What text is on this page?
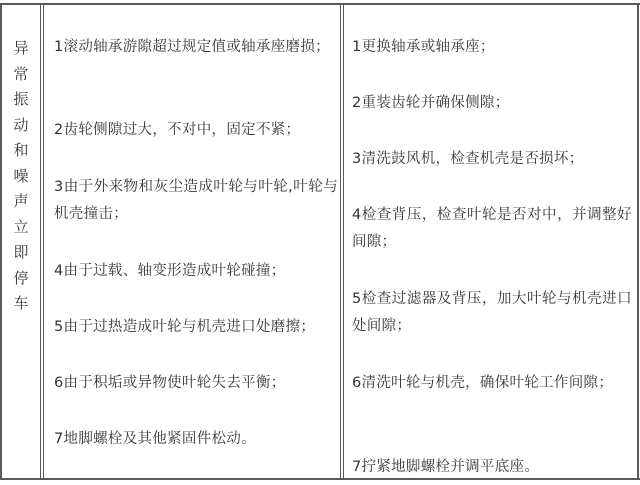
异
常
振
动
和
噪
声
立
即
停
车
1滚动轴承游隙超过规定值或轴承座磨损；
2齿轮侧隙过大，不对中，固定不紧；
3由于外来物和灰尘造成叶轮与叶轮,叶轮与机壳撞击；
4由于过载、轴变形造成叶轮碰撞；
5由于过热造成叶轮与机壳进口处磨擦；
6由于积垢或异物使叶轮失去平衡；
7地脚螺栓及其他紧固件松动。
1更换轴承或轴承座；
2重装齿轮并确保侧隙；
3清洗鼓风机，检查机壳是否损坏；
4检查背压，检查叶轮是否对中，并调整好间隙；
5检查过滤器及背压，加大叶轮与机壳进口处间隙；
6清洗叶轮与机壳，确保叶轮工作间隙；
7拧紧地脚螺栓并调平底座。
